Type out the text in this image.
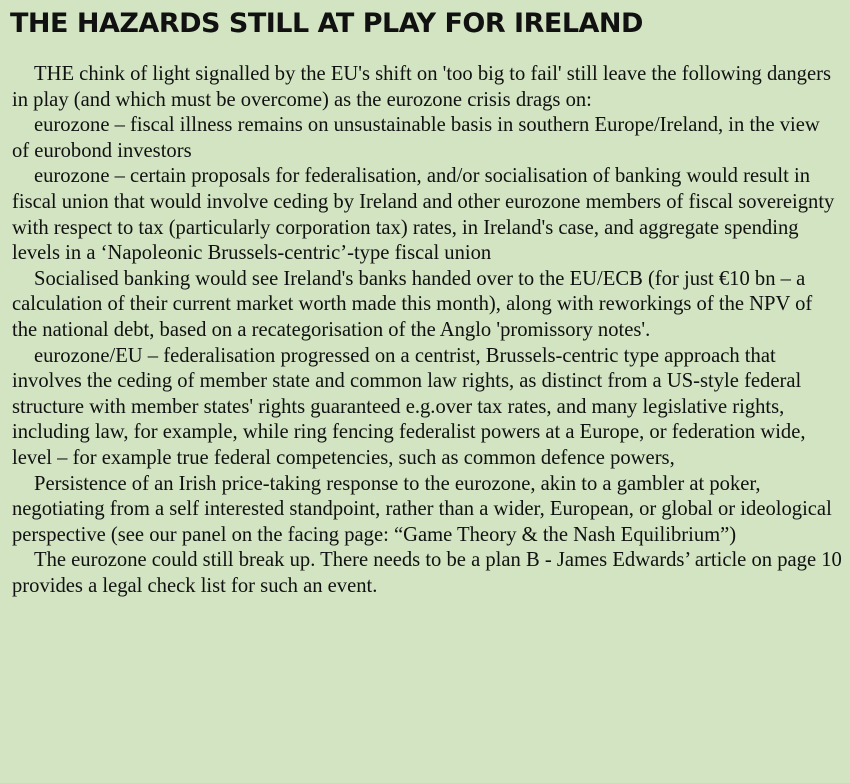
THE HAZARDS STILL AT PLAY FOR IRELAND

THE chink of light signalled by the EU's shift on 'too big to fail' still leave the following dangers in play (and which must be overcome) as the eurozone crisis drags on:

eurozone – fiscal illness remains on unsustainable basis in southern Europe/Ireland, in the view of eurobond investors

eurozone – certain proposals for federalisation, and/or socialisation of banking would result in fiscal union that would involve ceding by Ireland and other eurozone members of fiscal sovereignty with respect to tax (particularly corporation tax) rates, in Ireland's case, and aggregate spending levels in a ‘Napoleonic Brussels-centric’-type fiscal union

Socialised banking would see Ireland's banks handed over to the EU/ECB (for just €10 bn – a calculation of their current market worth made this month), along with reworkings of the NPV of the national debt, based on a recategorisation of the Anglo 'promissory notes'.

eurozone/EU – federalisation progressed on a centrist, Brussels-centric type approach that involves the ceding of member state and common law rights, as distinct from a US-style federal structure with member states' rights guaranteed e.g.over tax rates, and many legislative rights, including law, for example, while ring fencing federalist powers at a Europe, or federation wide, level – for example true federal competencies, such as common defence powers,

Persistence of an Irish price-taking response to the eurozone, akin to a gambler at poker, negotiating from a self interested standpoint, rather than a wider, European, or global or ideological perspective (see our panel on the facing page: “Game Theory & the Nash Equilibrium”)

The eurozone could still break up. There needs to be a plan B - James Edwards’ article on page 10 provides a legal check list for such an event.
